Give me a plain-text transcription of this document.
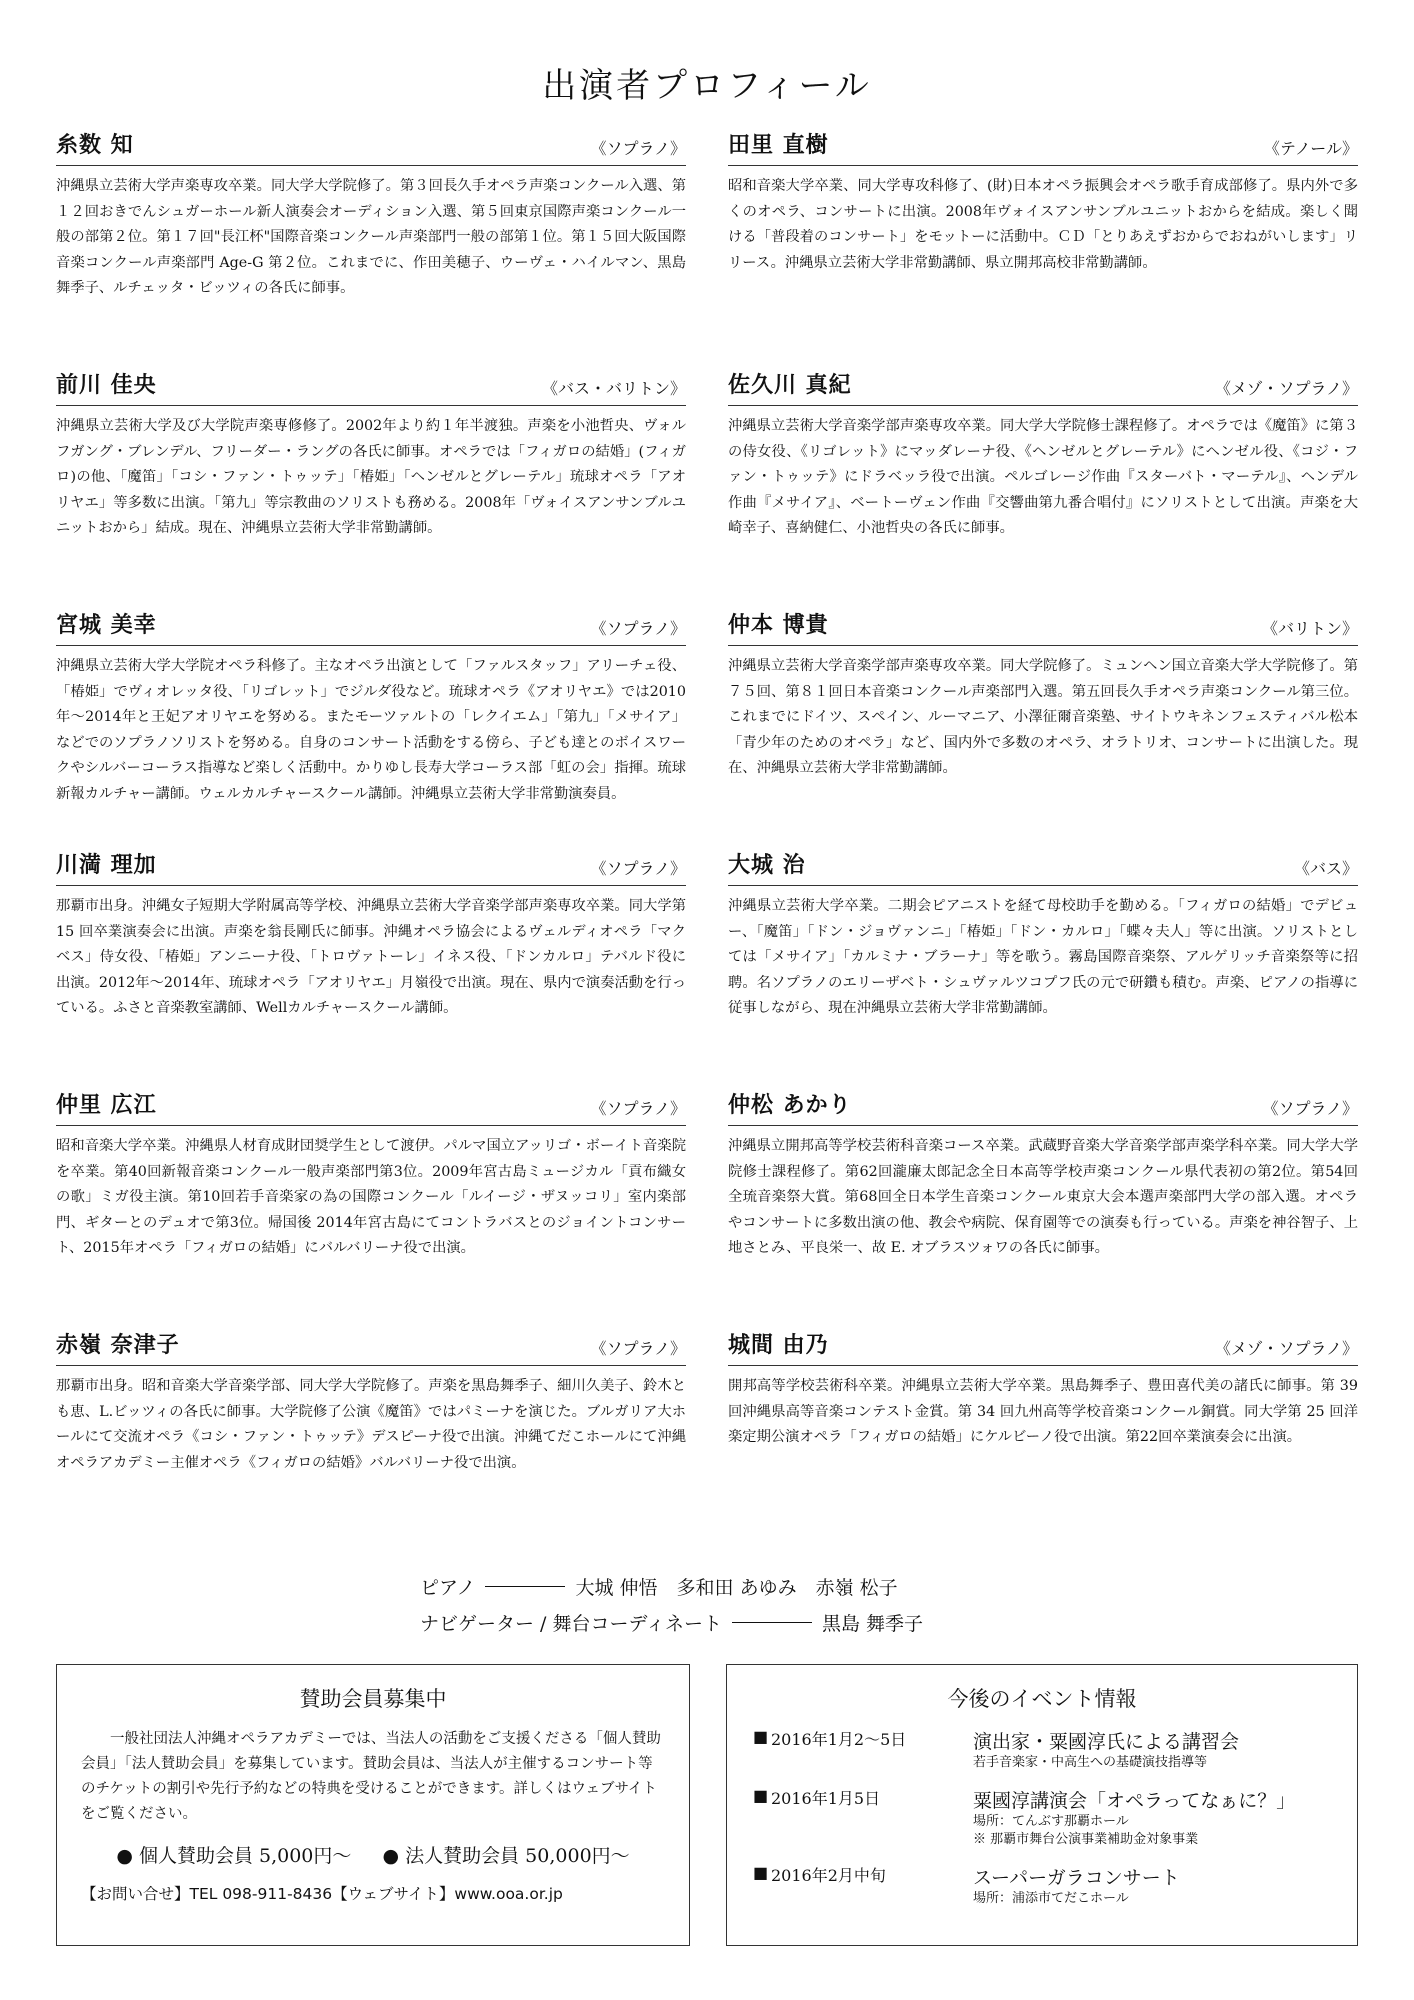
出演者プロフィール
糸数 知	《ソプラノ》

沖縄県立芸術大学声楽専攻卒業。同大学大学院修了。第３回長久手オペラ声楽コンクール入選、第１２回おきでんシュガーホール新人演奏会オーディション入選、第５回東京国際声楽コンクール一般の部第２位。第１７回"長江杯"国際音楽コンクール声楽部門一般の部第１位。第１５回大阪国際音楽コンクール声楽部門 Age-G 第２位。これまでに、作田美穂子、ウーヴェ・ハイルマン、黒島舞季子、ルチェッタ・ビッツィの各氏に師事。

田里 直樹	《テノール》

昭和音楽大学卒業、同大学専攻科修了、(財)日本オペラ振興会オペラ歌手育成部修了。県内外で多くのオペラ、コンサートに出演。2008年ヴォイスアンサンブルユニットおからを結成。楽しく聞ける「普段着のコンサート」をモットーに活動中。ＣＤ「とりあえずおからでおねがいします」リリース。沖縄県立芸術大学非常勤講師、県立開邦高校非常勤講師。

前川 佳央	《バス・バリトン》

沖縄県立芸術大学及び大学院声楽専修修了。2002年より約１年半渡独。声楽を小池哲央、ヴォルフガング・ブレンデル、フリーダー・ラングの各氏に師事。オペラでは「フィガロの結婚」(フィガロ)の他、「魔笛」「コシ・ファン・トゥッテ」「椿姫」「ヘンゼルとグレーテル」琉球オペラ「アオリヤエ」等多数に出演。「第九」等宗教曲のソリストも務める。2008年「ヴォイスアンサンブルユニットおから」結成。現在、沖縄県立芸術大学非常勤講師。

佐久川 真紀	《メゾ・ソプラノ》

沖縄県立芸術大学音楽学部声楽専攻卒業。同大学大学院修士課程修了。オペラでは《魔笛》に第３の侍女役、《リゴレット》にマッダレーナ役、《ヘンゼルとグレーテル》にヘンゼル役、《コジ・ファン・トゥッテ》にドラベッラ役で出演。ペルゴレージ作曲『スターバト・マーテル』、ヘンデル作曲『メサイア』、ベートーヴェン作曲『交響曲第九番合唱付』にソリストとして出演。声楽を大崎幸子、喜納健仁、小池哲央の各氏に師事。

宮城 美幸	《ソプラノ》

沖縄県立芸術大学大学院オペラ科修了。主なオペラ出演として「ファルスタッフ」アリーチェ役、「椿姫」でヴィオレッタ役、「リゴレット」でジルダ役など。琉球オペラ《アオリヤエ》では2010年～2014年と王妃アオリヤエを努める。またモーツァルトの「レクイエム」「第九」「メサイア」などでのソプラノソリストを努める。自身のコンサート活動をする傍ら、子ども達とのボイスワークやシルバーコーラス指導など楽しく活動中。かりゆし長寿大学コーラス部「虹の会」指揮。琉球新報カルチャー講師。ウェルカルチャースクール講師。沖縄県立芸術大学非常勤演奏員。

仲本 博貴	《バリトン》

沖縄県立芸術大学音楽学部声楽専攻卒業。同大学院修了。ミュンヘン国立音楽大学大学院修了。第７５回、第８１回日本音楽コンクール声楽部門入選。第五回長久手オペラ声楽コンクール第三位。これまでにドイツ、スペイン、ルーマニア、小澤征爾音楽塾、サイトウキネンフェスティバル松本「青少年のためのオペラ」など、国内外で多数のオペラ、オラトリオ、コンサートに出演した。現在、沖縄県立芸術大学非常勤講師。

川満 理加	《ソプラノ》

那覇市出身。沖縄女子短期大学附属高等学校、沖縄県立芸術大学音楽学部声楽専攻卒業。同大学第 15 回卒業演奏会に出演。声楽を翁長剛氏に師事。沖縄オペラ協会によるヴェルディオペラ「マクベス」侍女役、「椿姫」アンニーナ役、「トロヴァトーレ」イネス役、「ドンカルロ」テバルド役に出演。2012年～2014年、琉球オペラ「アオリヤエ」月嶺役で出演。現在、県内で演奏活動を行っている。ふさと音楽教室講師、Wellカルチャースクール講師。

大城 治	《バス》

沖縄県立芸術大学卒業。二期会ピアニストを経て母校助手を勤める。「フィガロの結婚」でデビュー、「魔笛」「ドン・ジョヴァンニ」「椿姫」「ドン・カルロ」「蝶々夫人」等に出演。ソリストとしては「メサイア」「カルミナ・ブラーナ」等を歌う。霧島国際音楽祭、アルゲリッチ音楽祭等に招聘。名ソプラノのエリーザベト・シュヴァルツコプフ氏の元で研鑽も積む。声楽、ピアノの指導に従事しながら、現在沖縄県立芸術大学非常勤講師。

仲里 広江	《ソプラノ》

昭和音楽大学卒業。沖縄県人材育成財団奨学生として渡伊。パルマ国立アッリゴ・ボーイト音楽院を卒業。第40回新報音楽コンクール一般声楽部門第3位。2009年宮古島ミュージカル「貢布織女の歌」ミガ役主演。第10回若手音楽家の為の国際コンクール「ルイージ・ザヌッコリ」室内楽部門、ギターとのデュオで第3位。帰国後 2014年宮古島にてコントラバスとのジョイントコンサート、2015年オペラ「フィガロの結婚」にバルバリーナ役で出演。

仲松 あかり	《ソプラノ》

沖縄県立開邦高等学校芸術科音楽コース卒業。武蔵野音楽大学音楽学部声楽学科卒業。同大学大学院修士課程修了。第62回瀧廉太郎記念全日本高等学校声楽コンクール県代表初の第2位。第54回全琉音楽祭大賞。第68回全日本学生音楽コンクール東京大会本選声楽部門大学の部入選。オペラやコンサートに多数出演の他、教会や病院、保育園等での演奏も行っている。声楽を神谷智子、上地さとみ、平良栄一、故 E. オブラスツォワの各氏に師事。

赤嶺 奈津子	《ソプラノ》

那覇市出身。昭和音楽大学音楽学部、同大学大学院修了。声楽を黒島舞季子、細川久美子、鈴木とも恵、L.ビッツィの各氏に師事。大学院修了公演《魔笛》ではパミーナを演じた。ブルガリア大ホールにて交流オペラ《コシ・ファン・トゥッテ》デスピーナ役で出演。沖縄てだこホールにて沖縄オペラアカデミー主催オペラ《フィガロの結婚》バルバリーナ役で出演。

城間 由乃	《メゾ・ソプラノ》

開邦高等学校芸術科卒業。沖縄県立芸術大学卒業。黒島舞季子、豊田喜代美の諸氏に師事。第 39 回沖縄県高等音楽コンテスト金賞。第 34 回九州高等学校音楽コンクール銅賞。同大学第 25 回洋楽定期公演オペラ「フィガロの結婚」にケルビーノ役で出演。第22回卒業演奏会に出演。

ピアノ	大城 伸悟　多和田 あゆみ　赤嶺 松子
ナビゲーター / 舞台コーディネート	黒島 舞季子
賛助会員募集中

一般社団法人沖縄オペラアカデミーでは、当法人の活動をご支援くださる「個人賛助会員」「法人賛助会員」を募集しています。賛助会員は、当法人が主催するコンサート等のチケットの割引や先行予約などの特典を受けることができます。詳しくはウェブサイトをご覧ください。

● 個人賛助会員 5,000円～ 　 ● 法人賛助会員 50,000円～
【お問い合せ】TEL 098-911-8436【ウェブサイト】www.ooa.or.jp
今後のイベント情報
■ 2016年1月2～5日	演出家・粟國淳氏による講習会
若手音楽家・中高生への基礎演技指導等
■ 2016年1月5日	粟國淳講演会「オペラってなぁに？」
場所：てんぶす那覇ホール
※ 那覇市舞台公演事業補助金対象事業
■ 2016年2月中旬	スーパーガラコンサート
場所：浦添市てだこホール
